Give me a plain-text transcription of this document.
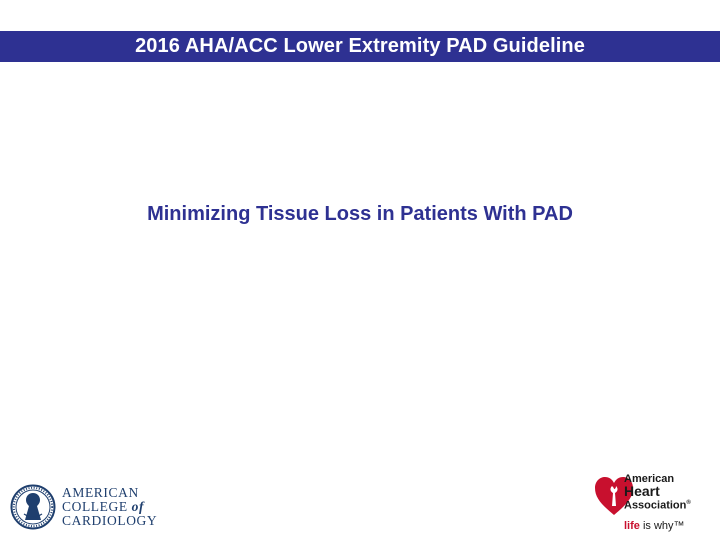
2016 AHA/ACC Lower Extremity PAD Guideline
Minimizing Tissue Loss in Patients With PAD
AMERICAN
COLLEGE of
CARDIOLOGY
American
Heart
Association®
life is why™
